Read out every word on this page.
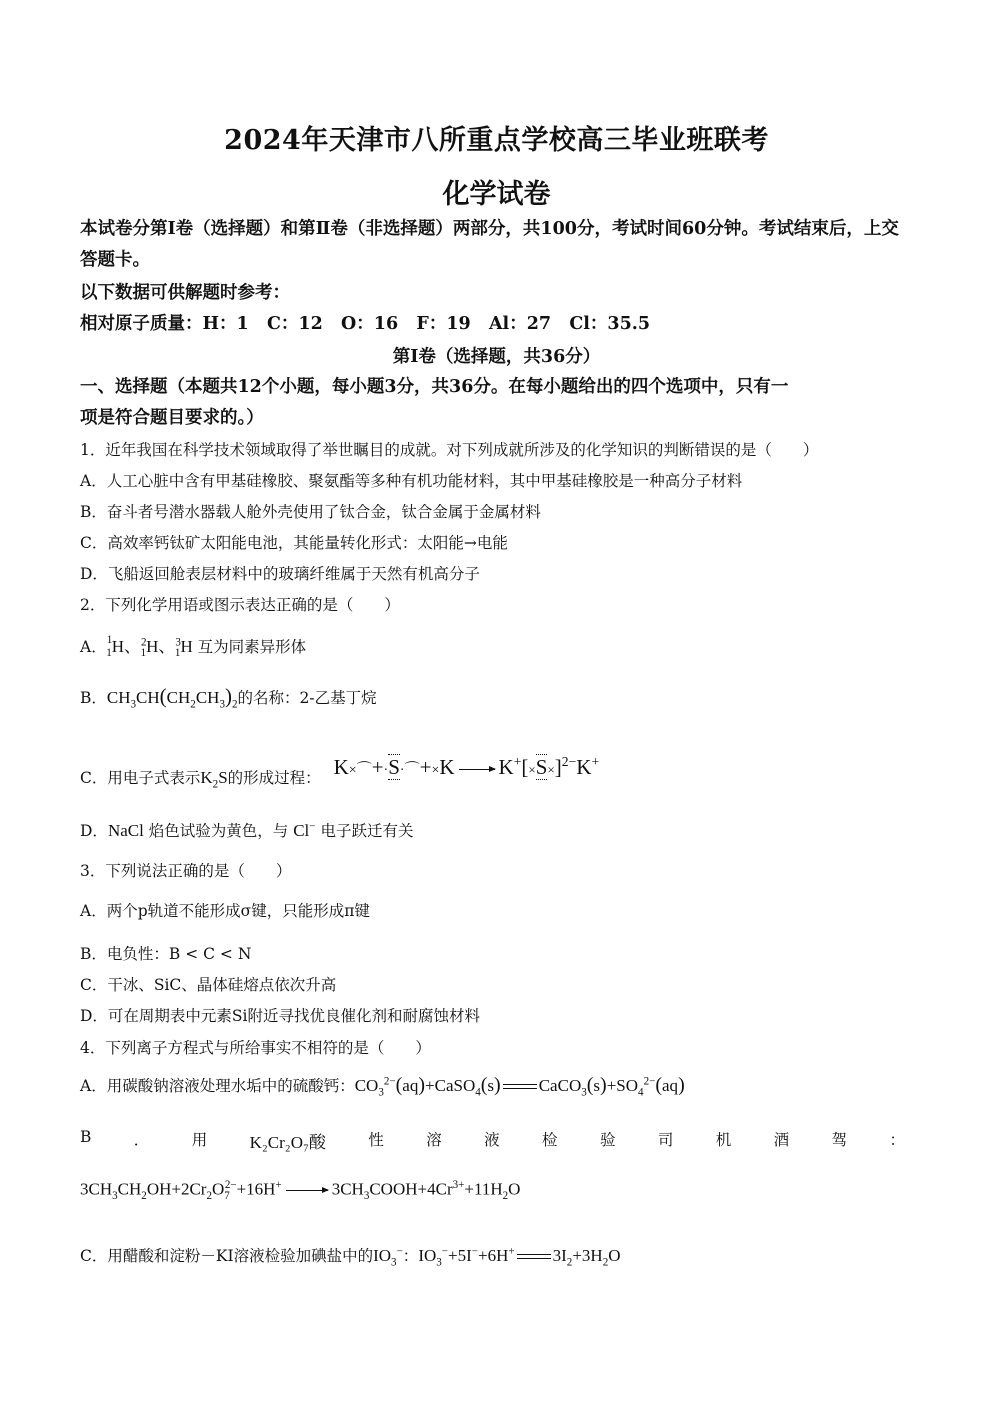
2024年天津市八所重点学校高三毕业班联考
化学试卷
本试卷分第Ⅰ卷（选择题）和第Ⅱ卷（非选择题）两部分，共100分，考试时间60分钟。考试结束后，上交答题卡。
以下数据可供解题时参考：
相对原子质量：H：1   C：12   O：16   F：19   Al：27   Cl：35.5
第Ⅰ卷（选择题，共36分）
一、选择题（本题共12个小题，每小题3分，共36分。在每小题给出的四个选项中，只有一
项是符合题目要求的。）
1．近年我国在科学技术领域取得了举世瞩目的成就。对下列成就所涉及的化学知识的判断错误的是（　　）
A．人工心脏中含有甲基硅橡胶、聚氨酯等多种有机功能材料，其中甲基硅橡胶是一种高分子材料
B．奋斗者号潜水器载人舱外壳使用了钛合金，钛合金属于金属材料
C．高效率钙钛矿太阳能电池，其能量转化形式：太阳能→电能
D．飞船返回舱表层材料中的玻璃纤维属于天然有机高分子
2．下列化学用语或图示表达正确的是（　　）
A．$^1_1$H、$^2_1$H、$^3_1$H 互为同素异形体
B．$CH_3CH(CH_2CH_3)_2$的名称：2-乙基丁烷
C．用电子式表示$K_2S$的形成过程： K×⌒+·S·⌒+×K $K^+[\times S\times]^{2-}K^+$
D．NaCl 焰色试验为黄色，与 Cl− 电子跃迁有关
3．下列说法正确的是（　　）
A．两个p轨道不能形成σ键，只能形成π键
B．电负性：B < C < N
C．干冰、SiC、晶体硅熔点依次升高
D．可在周期表中元素Si附近寻找优良催化剂和耐腐蚀材料
4．下列离子方程式与所给事实不相符的是（　　）
A．用碳酸钠溶液处理水垢中的硫酸钙：$CO_3^{2-}(aq)+CaSO_4(s)$ $CaCO_3(s)+SO_4^{2-}(aq)$
B	．	用 K₂Cr₂O₇酸	性	溶	液	检	验	司	机	酒	驾	：
$3CH_3CH_2OH+2Cr_2O_7^{2-}+16H^+$	$3CH_3COOH+4Cr^{3+}+11H_2O$
C．用醋酸和淀粉－KI溶液检验加碘盐中的$IO_3^-$：$IO_3^-+5I^-+6H^+$ $3I_2+3H_2O$
